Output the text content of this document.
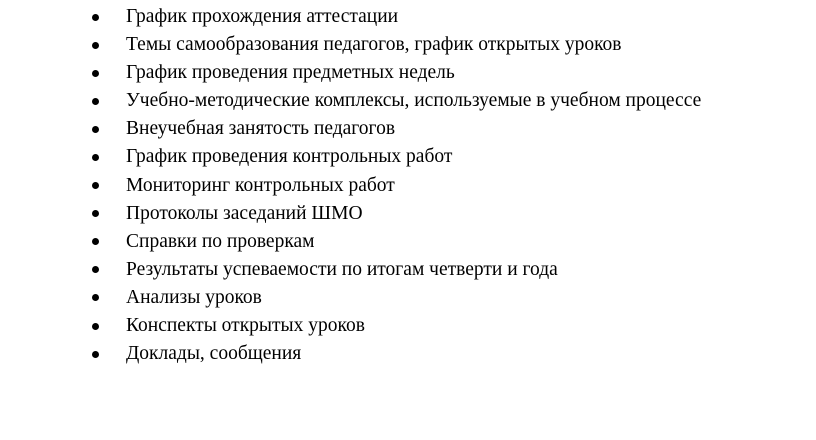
График прохождения аттестации
Темы самообразования педагогов, график открытых уроков
График проведения предметных недель
Учебно-методические комплексы, используемые в учебном процессе
Внеучебная занятость педагогов
График проведения контрольных работ
Мониторинг контрольных работ
Протоколы заседаний ШМО
Справки по проверкам
Результаты успеваемости по итогам четверти и года
Анализы уроков
Конспекты открытых уроков
Доклады, сообщения
